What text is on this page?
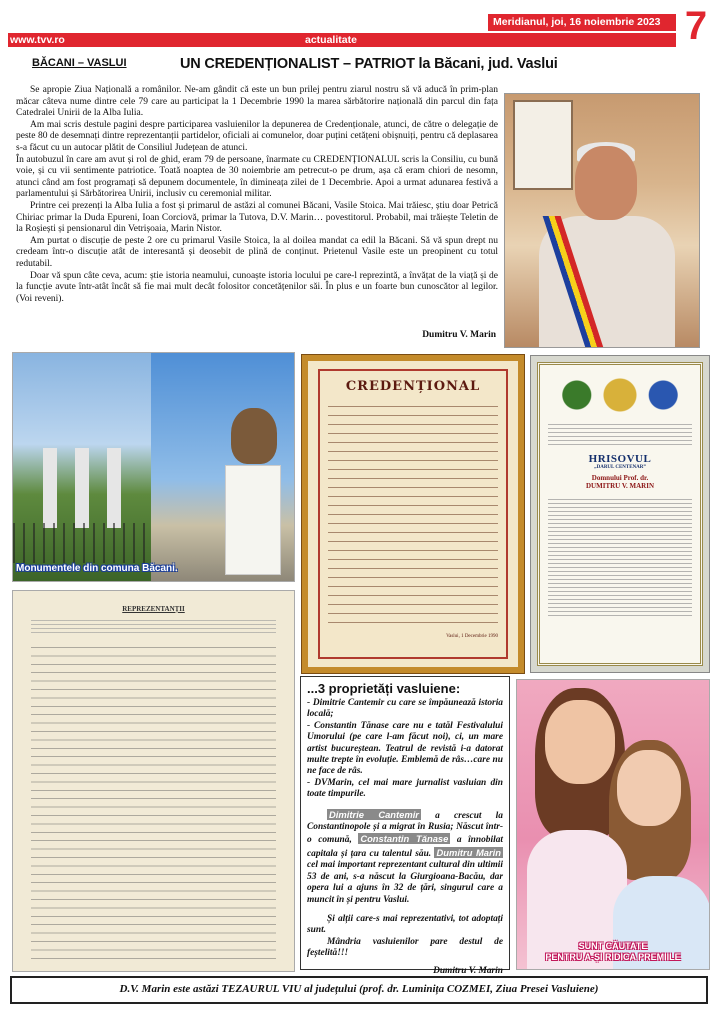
Meridianul, joi, 16 noiembrie 2023 7
www.tvv.ro	actualitate
BĂCANI – VASLUI	UN CREDENȚIONALIST – PATRIOT la Băcani, jud. Vaslui

Se apropie Ziua Națională a românilor. Ne-am gândit că este un bun prilej pentru ziarul nostru să vă aducă în prim-plan măcar câteva nume dintre cele 79 care au participat la 1 Decembrie 1990 la marea sărbătorire națională din parcul din fața Catedralei Unirii de la Alba Iulia.

Am mai scris destule pagini despre participarea vasluienilor la depunerea de Credenționale, atunci, de către o delegație de peste 80 de desemnați dintre reprezentanții partidelor, oficiali ai comunelor, doar puțini cetățeni obișnuiți, pentru că deplasarea s-a făcut cu un autocar plătit de Consiliul Județean de atunci.

În autobuzul în care am avut și rol de ghid, eram 79 de persoane, înarmate cu CREDENȚIONALUL scris la Consiliu, cu bună voie, și cu vii sentimente patriotice. Toată noaptea de 30 noiembrie am petrecut-o pe drum, așa că eram chiori de nesomn, atunci când am fost programați să depunem documentele, în dimineața zilei de 1 Decembrie. Apoi a urmat adunarea festivă a parlamentului și Sărbătorirea Unirii, inclusiv cu ceremonial militar.

Printre cei prezenți la Alba Iulia a fost și primarul de astăzi al comunei Băcani, Vasile Stoica. Mai trăiesc, știu doar Petrică Chiriac primar la Duda Epureni, Ioan Corciovă, primar la Tutova, D.V. Marin… povestitorul. Probabil, mai trăiește Teletin de la Roșiești și pensionarul din Vetrișoaia, Marin Nistor.

Am purtat o discuție de peste 2 ore cu primarul Vasile Stoica, la al doilea mandat ca edil la Băcani. Să vă spun drept nu credeam într-o discuție atât de interesantă și deosebit de plină de conținut. Prietenul Vasile este un preopinent cu totul redutabil.

Doar vă spun câte ceva, acum: știe istoria neamului, cunoaște istoria locului pe care-l reprezintă, a învățat de la viață și de la funcție avute într-atât încât să fie mai mult decât folositor concetățenilor săi. În plus e un foarte bun cunoscător al legilor. (Voi reveni).

Dumitru V. Marin
Monumentele din comuna Băcani.
CREDENȚIONAL
Vaslui, 1 Decembrie 1990
HRISOVUL
„DARUL CENTENAR”
Domnului Prof. dr.
DUMITRU V. MARIN
REPREZENTANȚII
...3 proprietăți vasluiene:

- Dimitrie Cantemir cu care se împăunează istoria locală;

- Constantin Tănase care nu e tatăl Festivalului Umorului (pe care l-am făcut noi), ci, un mare artist bucureștean. Teatrul de revistă i-a datorat multe trepte în evoluție. Emblemă de râs…care nu ne face de râs.

- DVMarin, cel mai mare jurnalist vasluian din toate timpurile.

Dimitrie Cantemir a crescut la Constantinopole și a migrat în Rusia; Născut într-o comună, Constantin Tănase a înnobilat capitala și țara cu talentul său. Dumitru Marin cel mai important reprezentant cultural din ultimii 53 de ani, s-a născut la Giurgioana-Bacău, dar opera lui a ajuns în 32 de țări, singurul care a muncit în și pentru Vaslui.

Și alții care-s mai reprezentativi, tot adoptați sunt.

Mândria vasluienilor pare destul de feștelită!!!

Dumitru V. Marin
SUNT CĂUTATE
PENTRU A-ȘI RIDICA PREMIILE
D.V. Marin este astăzi TEZAURUL VIU al județului (prof. dr. Luminița COZMEI, Ziua Presei Vasluiene)
